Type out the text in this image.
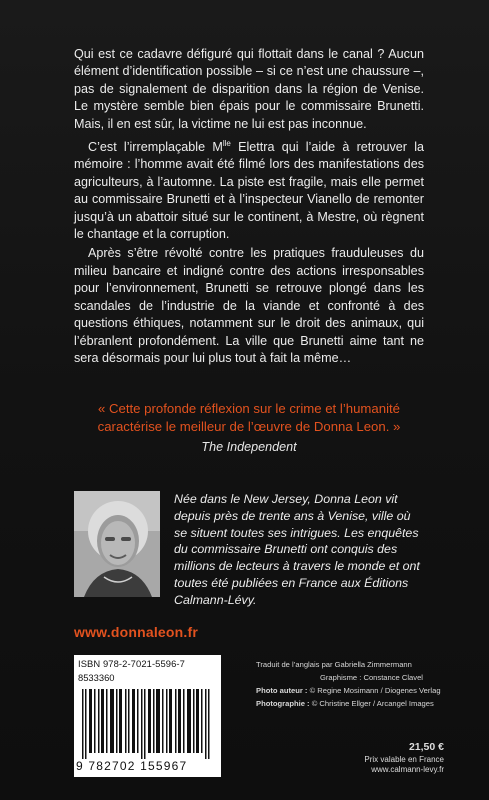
Qui est ce cadavre défiguré qui flottait dans le canal ? Aucun élément d’identification possible – si ce n’est une chaussure –, pas de signalement de disparition dans la région de Venise. Le mystère semble bien épais pour le commissaire Brunetti. Mais, il en est sûr, la victime ne lui est pas inconnue.

C’est l’irremplaçable $M^{lle}$ Elettra qui l’aide à retrouver la mémoire : l’homme avait été filmé lors des manifestations des agriculteurs, à l’automne. La piste est fragile, mais elle permet au commissaire Brunetti et à l’inspecteur Vianello de remonter jusqu’à un abattoir situé sur le continent, à Mestre, où règnent le chantage et la corruption.

Après s’être révolté contre les pratiques frauduleuses du milieu bancaire et indigné contre des actions irresponsables pour l’environnement, Brunetti se retrouve plongé dans les scandales de l’industrie de la viande et confronté à des questions éthiques, notamment sur le droit des animaux, qui l’ébranlent profondément. La ville que Brunetti aime tant ne sera désormais pour lui plus tout à fait la même…

« Cette profonde réflexion sur le crime et l’humanité caractérise le meilleur de l’œuvre de Donna Leon. »
The Independent
Née dans le New Jersey, Donna Leon vit depuis près de trente ans à Venise, ville où se situent toutes ses intrigues. Les enquêtes du commissaire Brunetti ont conquis des millions de lecteurs à travers le monde et ont toutes été publiées en France aux Éditions Calmann-Lévy.
www.donnaleon.fr
ISBN 978-2-7021-5596-7
8533360
9 782702 155967
Traduit de l’anglais par Gabriella Zimmermann
Graphisme : Constance Clavel
Photo auteur : © Regine Mosimann / Diogenes Verlag
Photographie : © Christine Ellger / Arcangel Images
21,50 €
Prix valable en France
www.calmann-levy.fr
